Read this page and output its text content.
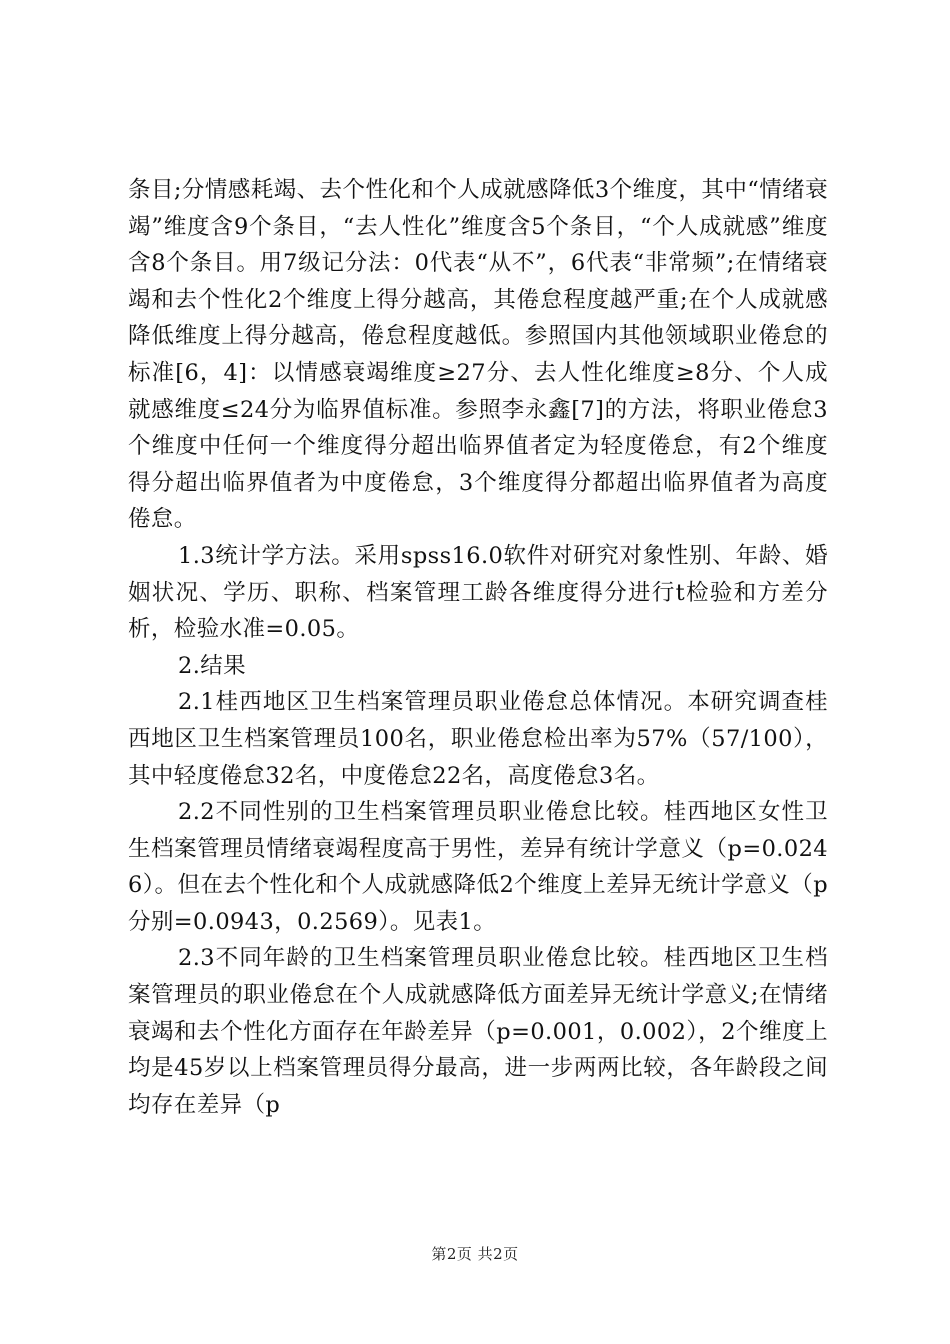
条目;分情感耗竭、去个性化和个人成就感降低3个维度，其中“情绪衰竭”维度含9个条目，“去人性化”维度含5个条目，“个人成就感”维度含8个条目。用7级记分法：0代表“从不”，6代表“非常频”;在情绪衰竭和去个性化2个维度上得分越高，其倦怠程度越严重;在个人成就感降低维度上得分越高，倦怠程度越低。参照国内其他领域职业倦怠的标准[6，4]：以情感衰竭维度≥27分、去人性化维度≥8分、个人成就感维度≤24分为临界值标准。参照李永鑫[7]的方法，将职业倦怠3个维度中任何一个维度得分超出临界值者定为轻度倦怠，有2个维度得分超出临界值者为中度倦怠，3个维度得分都超出临界值者为高度倦怠。

1.3统计学方法。采用spss16.0软件对研究对象性别、年龄、婚姻状况、学历、职称、档案管理工龄各维度得分进行t检验和方差分析，检验水准=0.05。

2.结果

2.1桂西地区卫生档案管理员职业倦怠总体情况。本研究调查桂西地区卫生档案管理员100名，职业倦怠检出率为57%（57/100），其中轻度倦怠32名，中度倦怠22名，高度倦怠3名。

2.2不同性别的卫生档案管理员职业倦怠比较。桂西地区女性卫生档案管理员情绪衰竭程度高于男性，差异有统计学意义（p=0.0246）。但在去个性化和个人成就感降低2个维度上差异无统计学意义（p分别=0.0943，0.2569）。见表1。

2.3不同年龄的卫生档案管理员职业倦怠比较。桂西地区卫生档案管理员的职业倦怠在个人成就感降低方面差异无统计学意义;在情绪衰竭和去个性化方面存在年龄差异（p=0.001，0.002），2个维度上均是45岁以上档案管理员得分最高，进一步两两比较，各年龄段之间均存在差异（p

第2页 共2页
